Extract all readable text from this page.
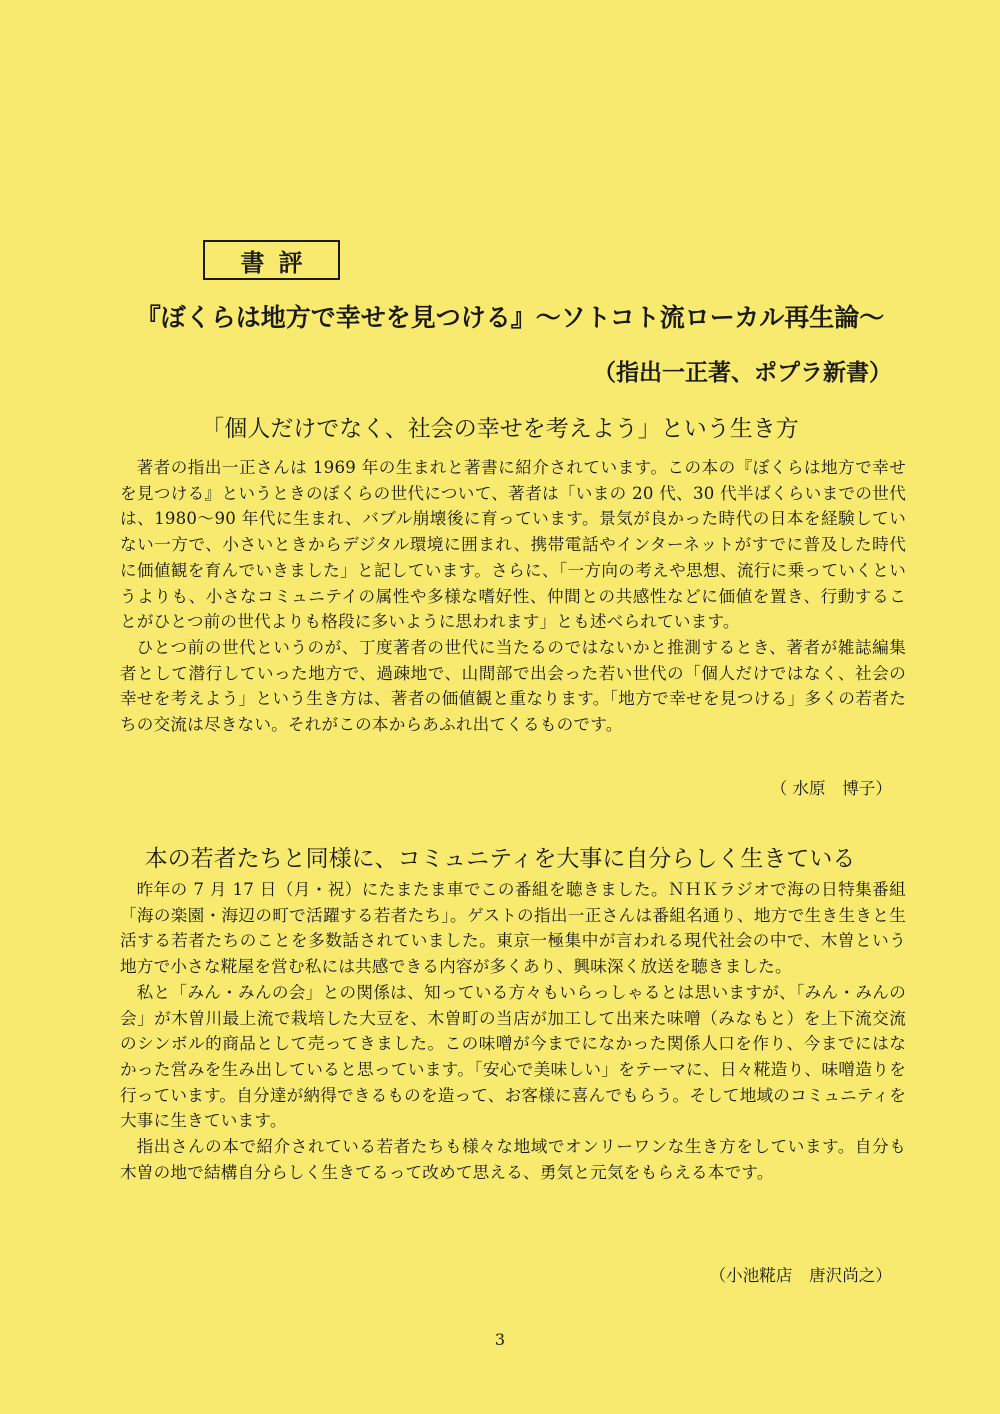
書評
『ぼくらは地方で幸せを見つける』～ソトコト流ローカル再生論～
（指出一正著、ポプラ新書）
「個人だけでなく、社会の幸せを考えよう」という生き方

著者の指出一正さんは 1969 年の生まれと著書に紹介されています。この本の『ぼくらは地方で幸せを見つける』というときのぼくらの世代について、著者は「いまの 20 代、30 代半ばくらいまでの世代は、1980～90 年代に生まれ、バブル崩壊後に育っています。景気が良かった時代の日本を経験していない一方で、小さいときからデジタル環境に囲まれ、携帯電話やインターネットがすでに普及した時代に価値観を育んでいきました」と記しています。さらに、「一方向の考えや思想、流行に乗っていくというよりも、小さなコミュニテイの属性や多様な嗜好性、仲間との共感性などに価値を置き、行動することがひとつ前の世代よりも格段に多いように思われます」とも述べられています。

ひとつ前の世代というのが、丁度著者の世代に当たるのではないかと推測するとき、著者が雑誌編集者として潜行していった地方で、過疎地で、山間部で出会った若い世代の「個人だけではなく、社会の幸せを考えよう」という生き方は、著者の価値観と重なります。「地方で幸せを見つける」多くの若者たちの交流は尽きない。それがこの本からあふれ出てくるものです。

（ 水原　博子）
本の若者たちと同様に、コミュニティを大事に自分らしく生きている

昨年の 7 月 17 日（月・祝）にたまたま車でこの番組を聴きました。ＮＨＫラジオで海の日特集番組「海の楽園・海辺の町で活躍する若者たち」。ゲストの指出一正さんは番組名通り、地方で生き生きと生活する若者たちのことを多数話されていました。東京一極集中が言われる現代社会の中で、木曽という地方で小さな糀屋を営む私には共感できる内容が多くあり、興味深く放送を聴きました。

私と「みん・みんの会」との関係は、知っている方々もいらっしゃるとは思いますが、「みん・みんの会」が木曽川最上流で栽培した大豆を、木曽町の当店が加工して出来た味噌（みなもと）を上下流交流のシンボル的商品として売ってきました。この味噌が今までになかった関係人口を作り、今までにはなかった営みを生み出していると思っています。「安心で美味しい」をテーマに、日々糀造り、味噌造りを行っています。自分達が納得できるものを造って、お客様に喜んでもらう。そして地域のコミュニティを大事に生きています。

指出さんの本で紹介されている若者たちも様々な地域でオンリーワンな生き方をしています。自分も木曽の地で結構自分らしく生きてるって改めて思える、勇気と元気をもらえる本です。

（小池糀店　唐沢尚之）
3
